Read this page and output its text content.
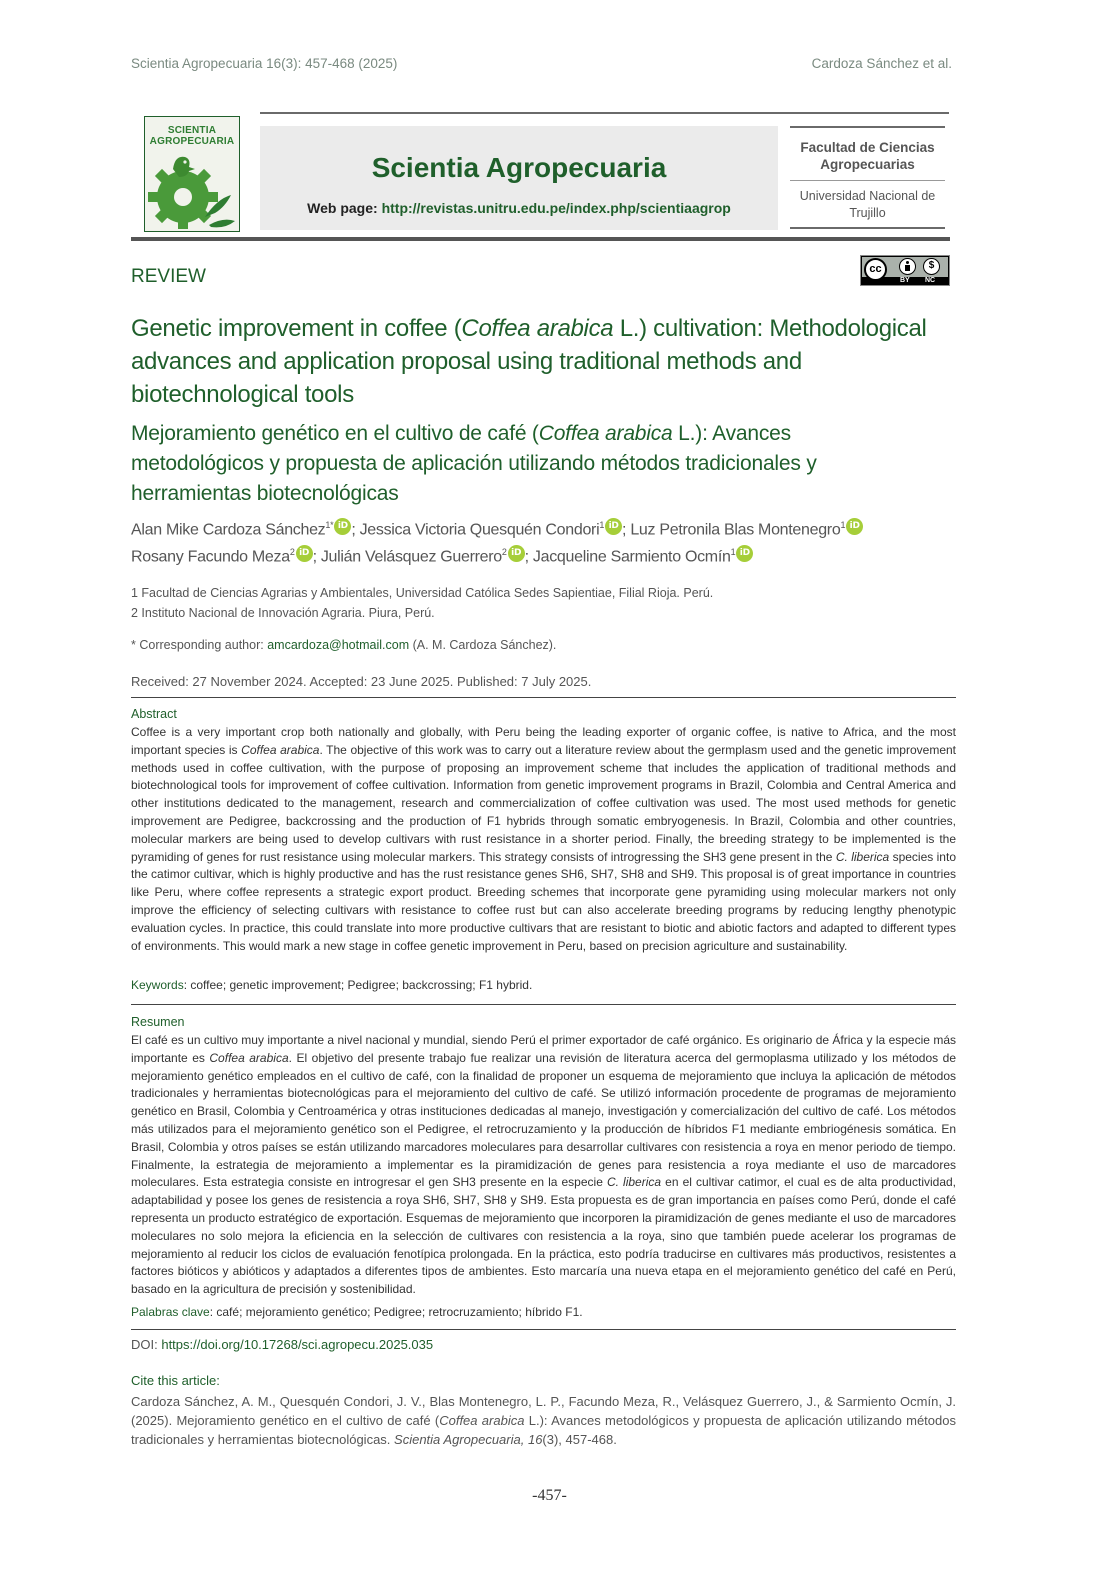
Scientia Agropecuaria 16(3): 457-468 (2025)	Cardoza Sánchez et al.
SCIENTIA
AGROPECUARIA
Scientia Agropecuaria
Web page: http://revistas.unitru.edu.pe/index.php/scientiaagrop
Facultad de Ciencias
Agropecuarias
Universidad Nacional de
Trujillo
REVIEW	cc	$
BY NC
Genetic improvement in coffee (Coffea arabica L.) cultivation: Methodological advances and application proposal using traditional methods and biotechnological tools
Mejoramiento genético en el cultivo de café (Coffea arabica L.): Avances metodológicos y propuesta de aplicación utilizando métodos tradicionales y herramientas biotecnológicas
Alan Mike Cardoza Sánchez$^{1*}$ iD ; Jessica Victoria Quesquén Condori$^1$ iD ; Luz Petronila Blas Montenegro$^1$ iD
Rosany Facundo Meza$^2$ iD ; Julián Velásquez Guerrero$^2$ iD ; Jacqueline Sarmiento Ocmín$^1$ iD
1 Facultad de Ciencias Agrarias y Ambientales, Universidad Católica Sedes Sapientiae, Filial Rioja. Perú.
2 Instituto Nacional de Innovación Agraria. Piura, Perú.
* Corresponding author: amcardoza@hotmail.com (A. M. Cardoza Sánchez).
Received: 27 November 2024. Accepted: 23 June 2025. Published: 7 July 2025.
Abstract
Coffee is a very important crop both nationally and globally, with Peru being the leading exporter of organic coffee, is native to Africa, and the most important species is Coffea arabica. The objective of this work was to carry out a literature review about the germplasm used and the genetic improvement methods used in coffee cultivation, with the purpose of proposing an improvement scheme that includes the application of traditional methods and biotechnological tools for improvement of coffee cultivation. Information from genetic improvement programs in Brazil, Colombia and Central America and other institutions dedicated to the management, research and commercialization of coffee cultivation was used. The most used methods for genetic improvement are Pedigree, backcrossing and the production of F1 hybrids through somatic embryogenesis. In Brazil, Colombia and other countries, molecular markers are being used to develop cultivars with rust resistance in a shorter period. Finally, the breeding strategy to be implemented is the pyramiding of genes for rust resistance using molecular markers. This strategy consists of introgressing the SH3 gene present in the C. liberica species into the catimor cultivar, which is highly productive and has the rust resistance genes SH6, SH7, SH8 and SH9. This proposal is of great importance in countries like Peru, where coffee represents a strategic export product. Breeding schemes that incorporate gene pyramiding using molecular markers not only improve the efficiency of selecting cultivars with resistance to coffee rust but can also accelerate breeding programs by reducing lengthy phenotypic evaluation cycles. In practice, this could translate into more productive cultivars that are resistant to biotic and abiotic factors and adapted to different types of environments. This would mark a new stage in coffee genetic improvement in Peru, based on precision agriculture and sustainability.
Keywords: coffee; genetic improvement; Pedigree; backcrossing; F1 hybrid.
Resumen
El café es un cultivo muy importante a nivel nacional y mundial, siendo Perú el primer exportador de café orgánico. Es originario de África y la especie más importante es Coffea arabica. El objetivo del presente trabajo fue realizar una revisión de literatura acerca del germoplasma utilizado y los métodos de mejoramiento genético empleados en el cultivo de café, con la finalidad de proponer un esquema de mejoramiento que incluya la aplicación de métodos tradicionales y herramientas biotecnológicas para el mejoramiento del cultivo de café. Se utilizó información procedente de programas de mejoramiento genético en Brasil, Colombia y Centroamérica y otras instituciones dedicadas al manejo, investigación y comercialización del cultivo de café. Los métodos más utilizados para el mejoramiento genético son el Pedigree, el retrocruzamiento y la producción de híbridos F1 mediante embriogénesis somática. En Brasil, Colombia y otros países se están utilizando marcadores moleculares para desarrollar cultivares con resistencia a roya en menor periodo de tiempo. Finalmente, la estrategia de mejoramiento a implementar es la piramidización de genes para resistencia a roya mediante el uso de marcadores moleculares. Esta estrategia consiste en introgresar el gen SH3 presente en la especie C. liberica en el cultivar catimor, el cual es de alta productividad, adaptabilidad y posee los genes de resistencia a roya SH6, SH7, SH8 y SH9. Esta propuesta es de gran importancia en países como Perú, donde el café representa un producto estratégico de exportación. Esquemas de mejoramiento que incorporen la piramidización de genes mediante el uso de marcadores moleculares no solo mejora la eficiencia en la selección de cultivares con resistencia a la roya, sino que también puede acelerar los programas de mejoramiento al reducir los ciclos de evaluación fenotípica prolongada. En la práctica, esto podría traducirse en cultivares más productivos, resistentes a factores bióticos y abióticos y adaptados a diferentes tipos de ambientes. Esto marcaría una nueva etapa en el mejoramiento genético del café en Perú, basado en la agricultura de precisión y sostenibilidad.
Palabras clave: café; mejoramiento genético; Pedigree; retrocruzamiento; híbrido F1.
DOI: https://doi.org/10.17268/sci.agropecu.2025.035
Cite this article:
Cardoza Sánchez, A. M., Quesquén Condori, J. V., Blas Montenegro, L. P., Facundo Meza, R., Velásquez Guerrero, J., & Sarmiento Ocmín, J. (2025). Mejoramiento genético en el cultivo de café (Coffea arabica L.): Avances metodológicos y propuesta de aplicación utilizando métodos tradicionales y herramientas biotecnológicas. Scientia Agropecuaria, 16(3), 457-468.
-457-
